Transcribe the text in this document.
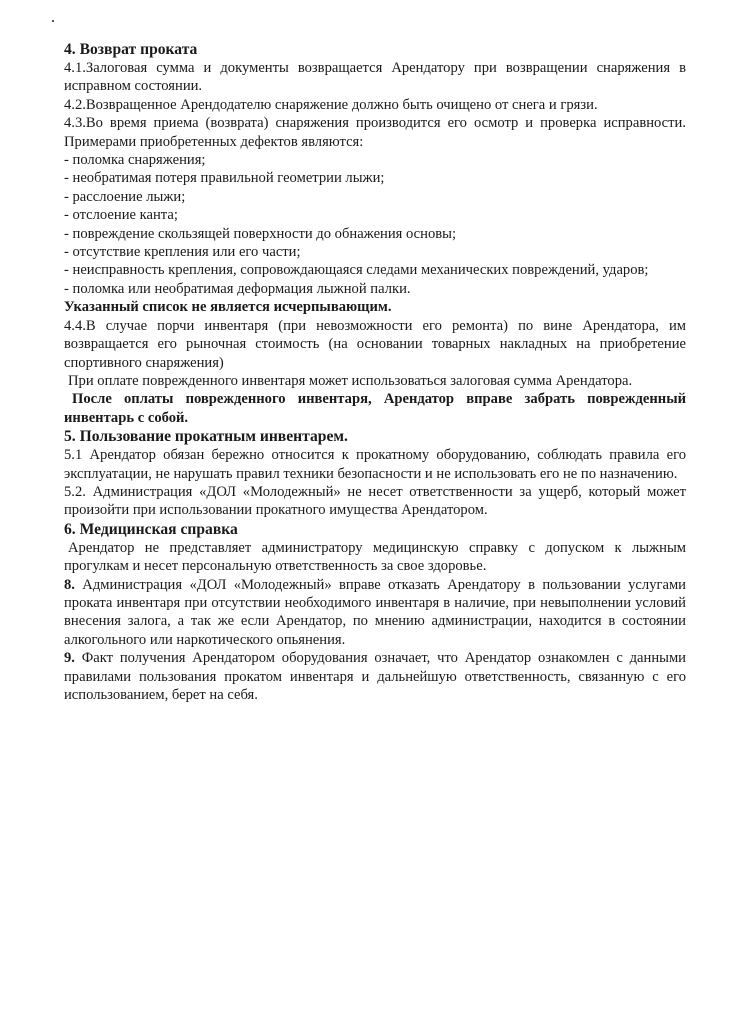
4. Возврат проката

4.1.Залоговая сумма и документы возвращается Арендатору при возвращении снаряжения в исправном состоянии.

4.2.Возвращенное Арендодателю снаряжение должно быть очищено от снега и грязи.

4.3.Во время приема (возврата) снаряжения производится его осмотр и проверка исправности. Примерами приобретенных дефектов являются:

- поломка снаряжения;

- необратимая потеря правильной геометрии лыжи;

- расслоение лыжи;

- отслоение канта;

- повреждение скользящей поверхности до обнажения основы;

- отсутствие крепления или его части;

- неисправность крепления, сопровождающаяся следами механических повреждений, ударов;

- поломка или необратимая деформация лыжной палки.

Указанный список не является исчерпывающим.

4.4.В случае порчи инвентаря (при невозможности его ремонта) по вине Арендатора, им возвращается его рыночная стоимость (на основании товарных накладных на приобретение спортивного снаряжения)

При оплате поврежденного инвентаря может использоваться залоговая сумма Арендатора.

После оплаты поврежденного инвентаря, Арендатор вправе забрать поврежденный инвентарь с собой.

5. Пользование прокатным инвентарем.

5.1 Арендатор обязан бережно относится к прокатному оборудованию, соблюдать правила его эксплуатации, не нарушать правил техники безопасности и не использовать его не по назначению.

5.2. Администрация «ДОЛ «Молодежный» не несет ответственности за ущерб, который может произойти при использовании прокатного имущества Арендатором.

6. Медицинская справка

Арендатор не представляет администратору медицинскую справку с допуском к лыжным прогулкам и несет персональную ответственность за свое здоровье.

8. Администрация «ДОЛ «Молодежный» вправе отказать Арендатору в пользовании услугами проката инвентаря при отсутствии необходимого инвентаря в наличие, при невыполнении условий внесения залога, а так же если Арендатор, по мнению администрации, находится в состоянии алкогольного или наркотического опьянения.

9. Факт получения Арендатором оборудования означает, что Арендатор ознакомлен с данными правилами пользования прокатом инвентаря и дальнейшую ответственность, связанную с его использованием, берет на себя.
